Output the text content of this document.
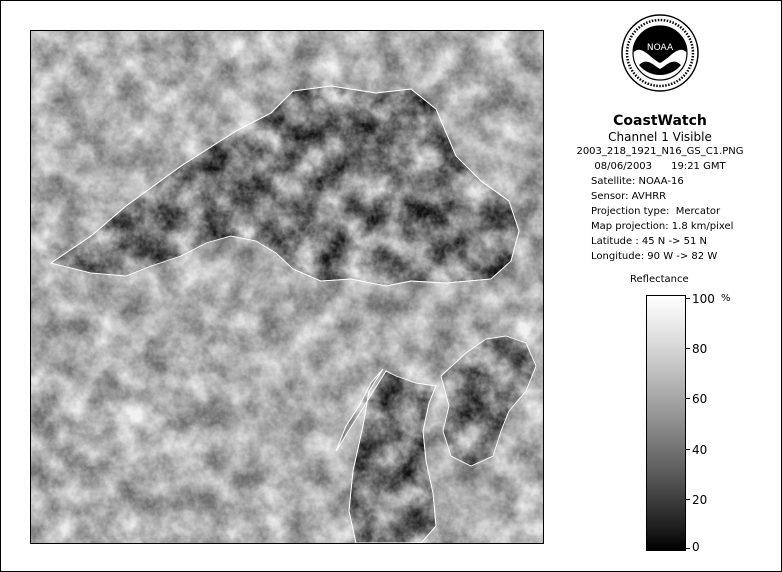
NOAA
CoastWatch
Channel 1 Visible
2003_218_1921_N16_GS_C1.PNG
08/06/2003      19:21 GMT
Satellite: NOAA-16
Sensor: AVHRR
Projection type:  Mercator
Map projection: 1.8 km/pixel
Latitude : 45 N -> 51 N
Longitude: 90 W -> 82 W
Reflectance
%
100
80
60
40
20
0
